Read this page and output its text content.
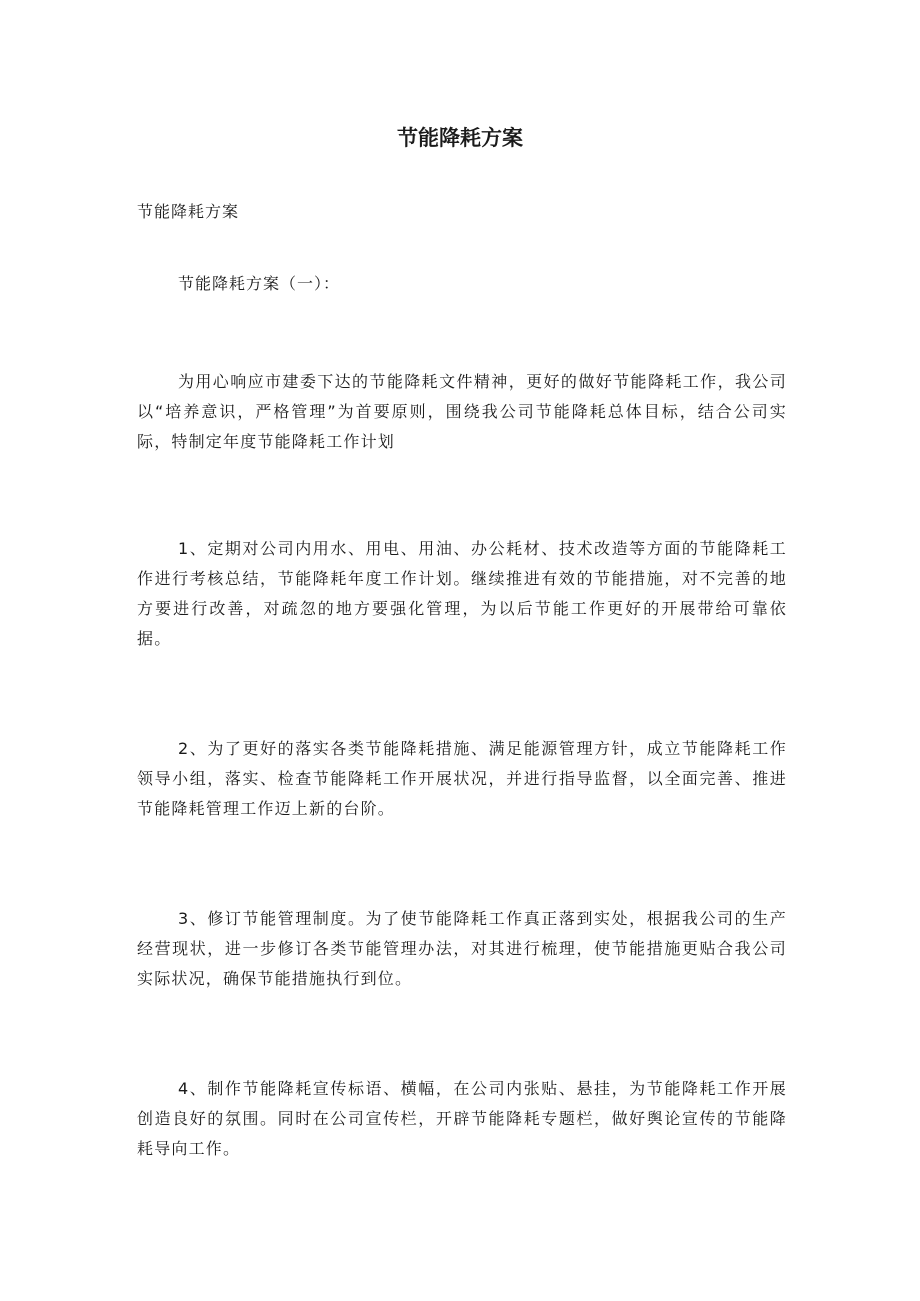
节能降耗方案

节能降耗方案

节能降耗方案（一）：

为用心响应市建委下达的节能降耗文件精神，更好的做好节能降耗工作，我公司以“培养意识，严格管理”为首要原则，围绕我公司节能降耗总体目标，结合公司实际，特制定年度节能降耗工作计划

1、定期对公司内用水、用电、用油、办公耗材、技术改造等方面的节能降耗工作进行考核总结，节能降耗年度工作计划。继续推进有效的节能措施，对不完善的地方要进行改善，对疏忽的地方要强化管理，为以后节能工作更好的开展带给可靠依据。

2、为了更好的落实各类节能降耗措施、满足能源管理方针，成立节能降耗工作领导小组，落实、检查节能降耗工作开展状况，并进行指导监督，以全面完善、推进节能降耗管理工作迈上新的台阶。

3、修订节能管理制度。为了使节能降耗工作真正落到实处，根据我公司的生产经营现状，进一步修订各类节能管理办法，对其进行梳理，使节能措施更贴合我公司实际状况，确保节能措施执行到位。

4、制作节能降耗宣传标语、横幅，在公司内张贴、悬挂，为节能降耗工作开展创造良好的氛围。同时在公司宣传栏，开辟节能降耗专题栏，做好舆论宣传的节能降耗导向工作。
